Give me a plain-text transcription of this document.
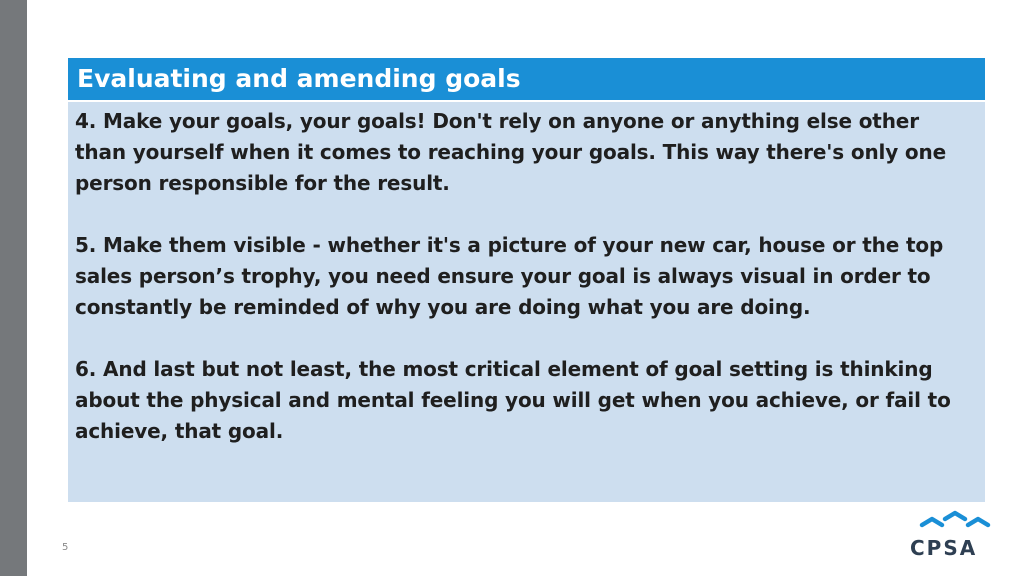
Evaluating and amending goals

4. Make your goals, your goals! Don't rely on anyone or anything else other than yourself when it comes to reaching your goals. This way there's only one person responsible for the result.

5. Make them visible - whether it's a picture of your new car, house or the top sales person’s trophy, you need ensure your goal is always visual in order to constantly be reminded of why you are doing what you are doing.

6. And last but not least, the most critical element of goal setting is thinking about the physical and mental feeling you will get when you achieve, or fail to achieve, that goal.

5	CPSA
